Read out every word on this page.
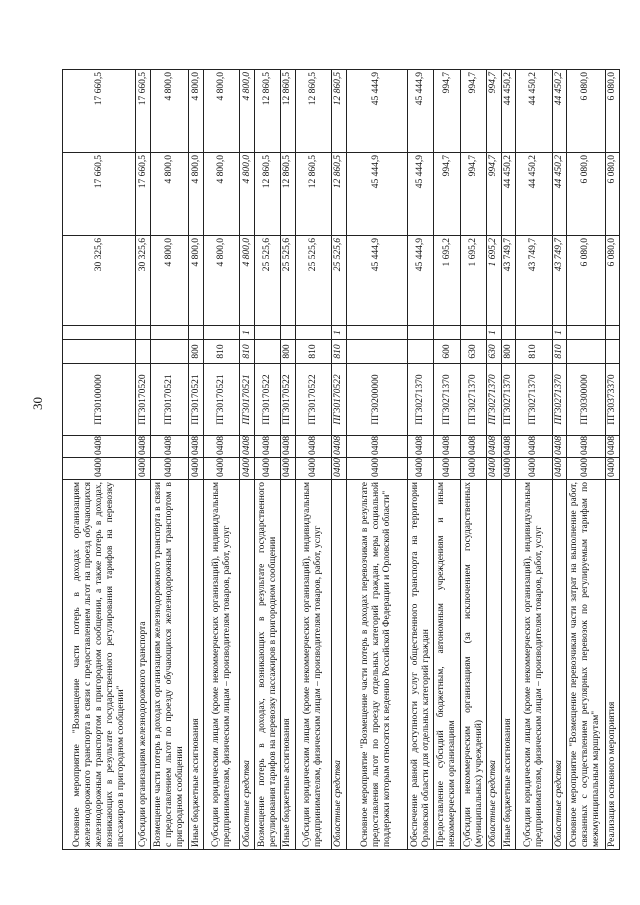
30
Основное мероприятие "Возмещение части потерь в доходах организациям железнодорожного транспорта в связи с предоставлением льгот на проезд обучающихся железнодорожным транспортом в пригородном сообщении, а также потерь в доходах, возникающих в результате государственного регулирования тарифов на перевозку пассажиров в пригородном сообщении"	0400	0408	ПГ30100000			30 325,6	17 660,5	17 660,5
Субсидии организациям железнодорожного транспорта	0400	0408	ПГ30170520			30 325,6	17 660,5	17 660,5
Возмещение части потерь в доходах организациям железнодорожного транспорта в связи с предоставлением льгот по проезду обучающихся железнодорожным транспортом в пригородном сообщении	0400	0408	ПГ30170521			4 800,0	4 800,0	4 800,0
Иные бюджетные ассигнования	0400	0408	ПГ30170521	800		4 800,0	4 800,0	4 800,0
Субсидии юридическим лицам (кроме некоммерческих организаций), индивидуальным предпринимателям, физическим лицам – производителям товаров, работ, услуг	0400	0408	ПГ30170521	810		4 800,0	4 800,0	4 800,0
Областные средства	0400	0408	ПГ30170521	810	1	4 800,0	4 800,0	4 800,0
Возмещение потерь в доходах, возникающих в результате государственного регулирования тарифов на перевозку пассажиров в пригородном сообщении	0400	0408	ПГ30170522			25 525,6	12 860,5	12 860,5
Иные бюджетные ассигнования	0400	0408	ПГ30170522	800		25 525,6	12 860,5	12 860,5
Субсидии юридическим лицам (кроме некоммерческих организаций), индивидуальным предпринимателям, физическим лицам – производителям товаров, работ, услуг	0400	0408	ПГ30170522	810		25 525,6	12 860,5	12 860,5
Областные средства	0400	0408	ПГ30170522	810	1	25 525,6	12 860,5	12 860,5
Основное мероприятие "Возмещение части потерь в доходах перевозчикам в результате предоставления льгот по проезду отдельных категорий граждан, меры социальной поддержки которым относятся к ведению Российской Федерации и Орловской области"	0400	0408	ПГ30200000			45 444,9	45 444,9	45 444,9
Обеспечение равной доступности услуг общественного транспорта на территории Орловской области для отдельных категорий граждан	0400	0408	ПГ30271370			45 444,9	45 444,9	45 444,9
Предоставление субсидий бюджетным, автономным учреждениям и иным некоммерческим организациям	0400	0408	ПГ30271370	600		1 695,2	994,7	994,7
Субсидии некоммерческим организациям (за исключением государственных (муниципальных) учреждений)	0400	0408	ПГ30271370	630		1 695,2	994,7	994,7
Областные средства	0400	0408	ПГ30271370	630	1	1 695,2	994,7	994,7
Иные бюджетные ассигнования	0400	0408	ПГ30271370	800		43 749,7	44 450,2	44 450,2
Субсидии юридическим лицам (кроме некоммерческих организаций), индивидуальным предпринимателям, физическим лицам – производителям товаров, работ, услуг	0400	0408	ПГ30271370	810		43 749,7	44 450,2	44 450,2
Областные средства	0400	0408	ПГ30271370	810	1	43 749,7	44 450,2	44 450,2
Основное мероприятие "Возмещение перевозчикам части затрат на выполнение работ, связанных с осуществлением регулярных перевозок по регулируемым тарифам по межмуниципальным маршрутам"	0400	0408	ПГ30300000			6 080,0	6 080,0	6 080,0
Реализация основного мероприятия	0400	0408	ПГ30373370			6 080,0	6 080,0	6 080,0
